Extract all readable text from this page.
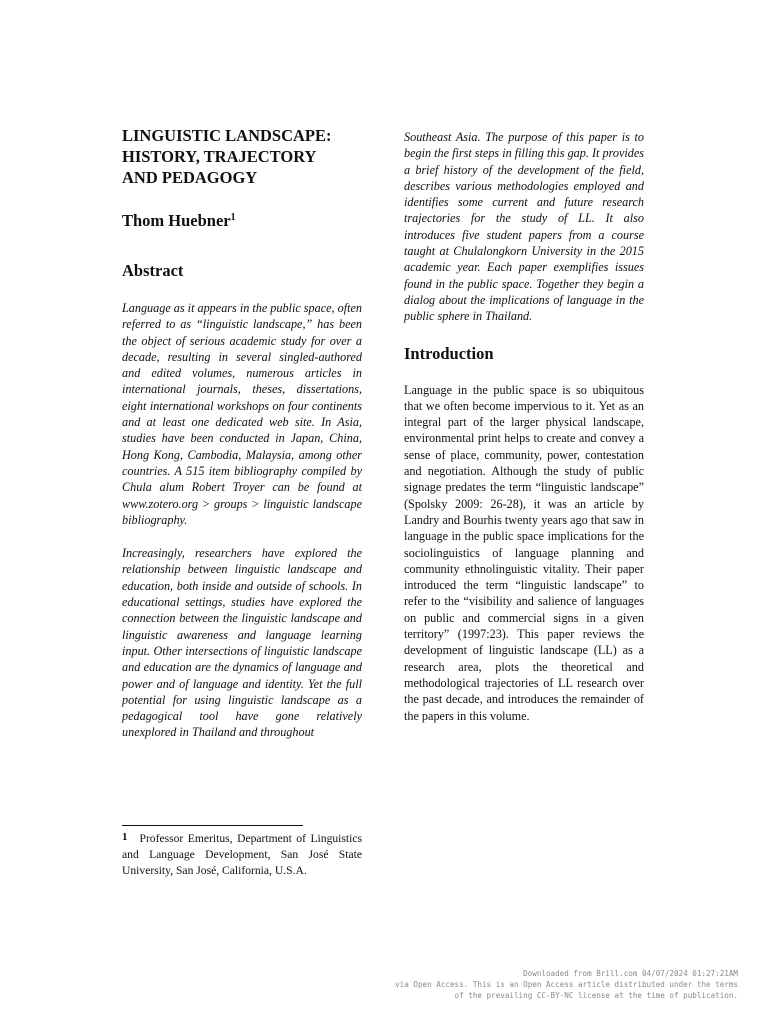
LINGUISTIC LANDSCAPE:
HISTORY, TRAJECTORY
AND PEDAGOGY
Thom Huebner$^1$
Abstract

Language as it appears in the public space, often referred to as “linguistic landscape,” has been the object of serious academic study for over a decade, resulting in several singled-authored and edited volumes, numerous articles in international journals, theses, dissertations, eight international workshops on four continents and at least one dedicated web site. In Asia, studies have been conducted in Japan, China, Hong Kong, Cambodia, Malaysia, among other countries. A 515 item bibliography compiled by Chula alum Robert Troyer can be found at www.zotero.org > groups > linguistic landscape bibliography.

Increasingly, researchers have explored the relationship between linguistic landscape and education, both inside and outside of schools. In educational settings, studies have explored the connection between the linguistic landscape and linguistic awareness and language learning input. Other intersections of linguistic landscape and education are the dynamics of language and power and of language and identity. Yet the full potential for using linguistic landscape as a pedagogical tool have gone relatively unexplored in Thailand and throughout

Southeast Asia. The purpose of this paper is to begin the first steps in filling this gap. It provides a brief history of the development of the field, describes various methodologies employed and identifies some current and future research trajectories for the study of LL. It also introduces five student papers from a course taught at Chulalongkorn University in the 2015 academic year. Each paper exemplifies issues found in the public space. Together they begin a dialog about the implications of language in the public sphere in Thailand.

Introduction

Language in the public space is so ubiquitous that we often become impervious to it. Yet as an integral part of the larger physical landscape, environmental print helps to create and convey a sense of place, community, power, contestation and negotiation. Although the study of public signage predates the term “linguistic landscape” (Spolsky 2009: 26-28), it was an article by Landry and Bourhis twenty years ago that saw in language in the public space implications for the sociolinguistics of language planning and community ethnolinguistic vitality. Their paper introduced the term “linguistic landscape” to refer to the “visibility and salience of languages on public and commercial signs in a given territory” (1997:23). This paper reviews the development of linguistic landscape (LL) as a research area, plots the theoretical and methodological trajectories of LL research over the past decade, and introduces the remainder of the papers in this volume.

1 Professor Emeritus, Department of Linguistics and Language Development, San José State University, San José, California, U.S.A.
Downloaded from Brill.com 04/07/2024 01:27:21AM
via Open Access. This is an Open Access article distributed under the terms
of the prevailing CC-BY-NC license at the time of publication.
